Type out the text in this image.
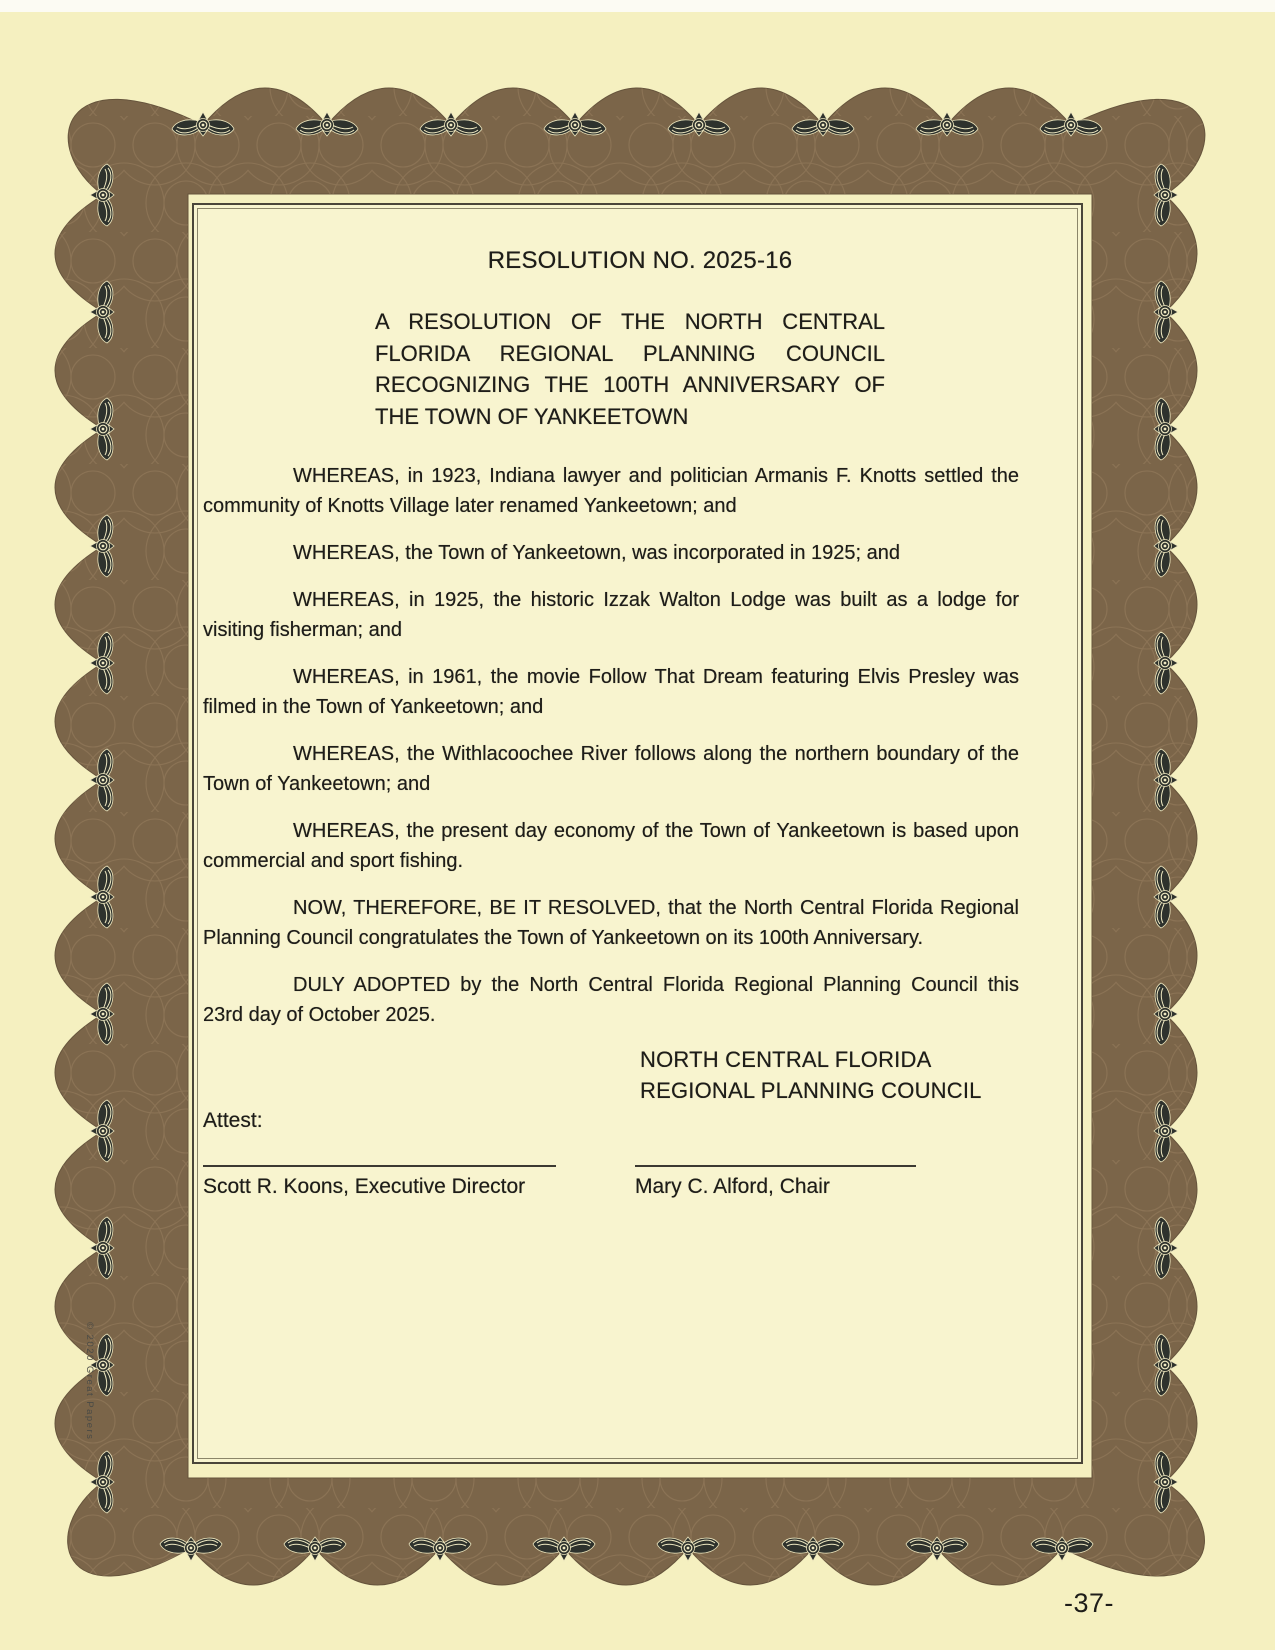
RESOLUTION NO. 2025-16
A RESOLUTION OF THE NORTH CENTRAL
FLORIDA REGIONAL PLANNING COUNCIL
RECOGNIZING THE 100TH ANNIVERSARY OF
THE TOWN OF YANKEETOWN

WHEREAS, in 1923, Indiana lawyer and politician Armanis F. Knotts settled the community of Knotts Village later renamed Yankeetown; and

WHEREAS, the Town of Yankeetown, was incorporated in 1925; and

WHEREAS, in 1925, the historic Izzak Walton Lodge was built as a lodge for visiting fisherman; and

WHEREAS, in 1961, the movie Follow That Dream featuring Elvis Presley was filmed in the Town of Yankeetown; and

WHEREAS, the Withlacoochee River follows along the northern boundary of the Town of Yankeetown; and

WHEREAS, the present day economy of the Town of Yankeetown is based upon commercial and sport fishing.

NOW, THEREFORE, BE IT RESOLVED, that the North Central Florida Regional Planning Council congratulates the Town of Yankeetown on its 100th Anniversary.

DULY ADOPTED by the North Central Florida Regional Planning Council this 23rd day of October 2025.

NORTH CENTRAL FLORIDA
REGIONAL PLANNING COUNCIL
Attest:
Scott R. Koons, Executive Director	Mary C. Alford, Chair
© 2020 Great Papers
-37-
